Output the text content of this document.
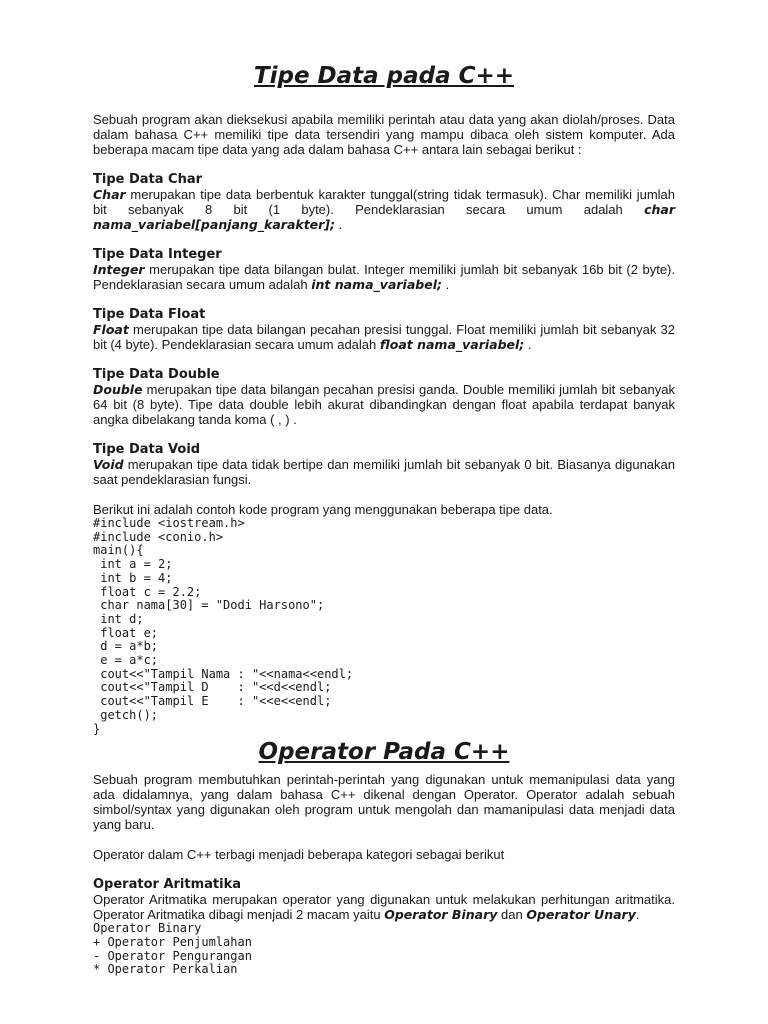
Tipe Data pada C++

Sebuah program akan dieksekusi apabila memiliki perintah atau data yang akan diolah/proses. Data dalam bahasa C++ memiliki tipe data tersendiri yang mampu dibaca oleh sistem komputer. Ada beberapa macam tipe data yang ada dalam bahasa C++ antara lain sebagai berikut :

Tipe Data Char

Char merupakan tipe data berbentuk karakter tunggal(string tidak termasuk). Char memiliki jumlah bit sebanyak 8 bit (1 byte). Pendeklarasian secara umum adalah char nama_variabel[panjang_karakter]; .

Tipe Data Integer

Integer merupakan tipe data bilangan bulat. Integer memiliki jumlah bit sebanyak 16b bit (2 byte). Pendeklarasian secara umum adalah int nama_variabel; .

Tipe Data Float

Float merupakan tipe data bilangan pecahan presisi tunggal. Float memiliki jumlah bit sebanyak 32 bit (4 byte). Pendeklarasian secara umum adalah float nama_variabel; .

Tipe Data Double

Double merupakan tipe data bilangan pecahan presisi ganda. Double memiliki jumlah bit sebanyak 64 bit (8 byte). Tipe data double lebih akurat dibandingkan dengan float apabila terdapat banyak angka dibelakang tanda koma ( , ) .

Tipe Data Void

Void merupakan tipe data tidak bertipe dan memiliki jumlah bit sebanyak 0 bit. Biasanya digunakan saat pendeklarasian fungsi.

Berikut ini adalah contoh kode program yang menggunakan beberapa tipe data.

#include <iostream.h>
#include <conio.h>
main(){
int a = 2;
int b = 4;
float c = 2.2;
char nama[30] = "Dodi Harsono";
int d;
float e;
d = a*b;
e = a*c;
cout<<"Tampil Nama : "<<nama<<endl;
cout<<"Tampil D    : "<<d<<endl;
cout<<"Tampil E    : "<<e<<endl;
getch();
}
Operator Pada C++

Sebuah program membutuhkan perintah-perintah yang digunakan untuk memanipulasi data yang ada didalamnya, yang dalam bahasa C++ dikenal dengan Operator. Operator adalah sebuah simbol/syntax yang digunakan oleh program untuk mengolah dan mamanipulasi data menjadi data yang baru.

Operator dalam C++ terbagi menjadi beberapa kategori sebagai berikut

Operator Aritmatika

Operator Aritmatika merupakan operator yang digunakan untuk melakukan perhitungan aritmatika. Operator Aritmatika dibagi menjadi 2 macam yaitu Operator Binary dan Operator Unary.

Operator Binary
+ Operator Penjumlahan
- Operator Pengurangan
* Operator Perkalian
